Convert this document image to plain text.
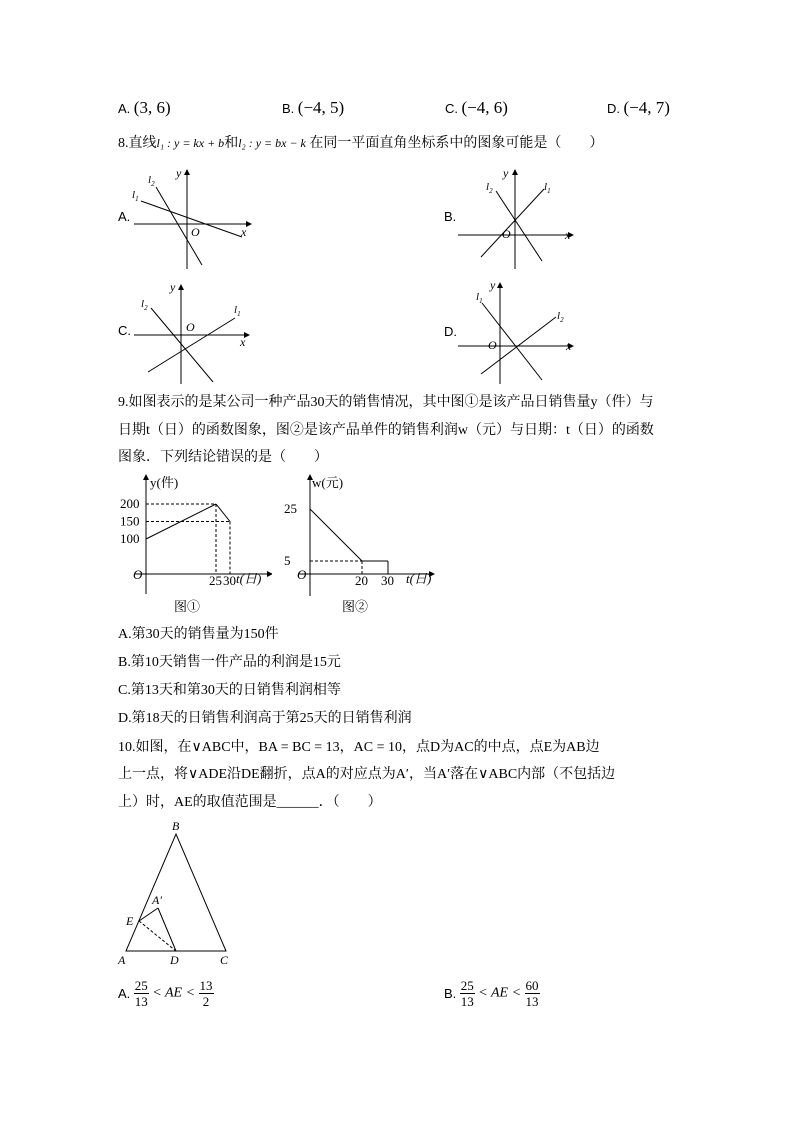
A. (3, 6)	B. (−4, 5)	C. (−4, 6)	D. (−4, 7)
8.直线l₁ : y = kx + b和l₂ : y = bx − k 在同一平面直角坐标系中的图象可能是（　　）
A.
x
y
O
$l_1$
$l_2$
B.
x
y
O
$l_1$
$l_2$
C.
x
y
O
$l_1$
$l_2$
D.
x
y
O
$l_1$
$l_2$
9.如图表示的是某公司一种产品30天的销售情况，其中图①是该产品日销售量y（件）与
日期t（日）的函数图象，图②是该产品单件的销售利润w（元）与日期：t（日）的函数
图象．下列结论错误的是（　　）
y(件)
t(日)
O
图①
25 30
100
150
200
w(元)
t(日)
O
图②
20 30
5
25
A.第30天的销售量为150件
B.第10天销售一件产品的利润是15元
C.第13天和第30天的日销售利润相等
D.第18天的日销售利润高于第25天的日销售利润
10.如图，在∨ABC中，BA = BC = 13，AC = 10，点D为AC的中点，点E为AB边
上一点，将∨ADE沿DE翻折，点A的对应点为A′，当A′落在∨ABC内部（不包括边
上）时，AE的取值范围是______．（　　）
B
A′
E
A	D	C
A. $\frac{25}{13}$ < AE < $\frac{13}{2}$	B. $\frac{25}{13}$ < AE < $\frac{60}{13}$
